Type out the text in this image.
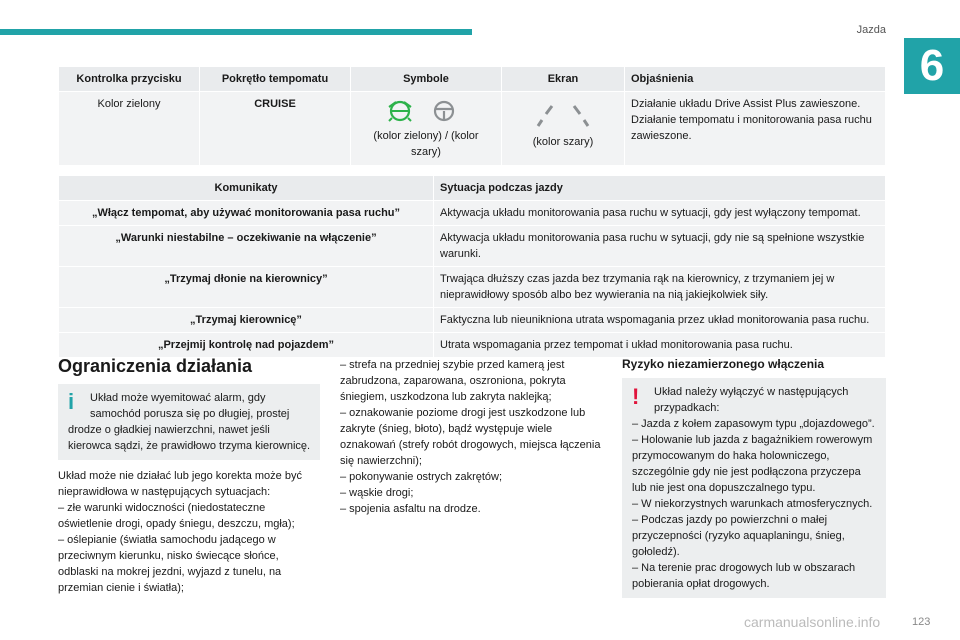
Jazda
6
Kontrolka przycisku	Pokrętło tempomatu	Symbole	Ekran	Objaśnienia
Kolor zielony	CRUISE	(kolor zielony) / (kolor szary)	(kolor szary)	Działanie układu Drive Assist Plus zawieszone. Działanie tempomatu i monitorowania pasa ruchu zawieszone.
Komunikaty	Sytuacja podczas jazdy
„Włącz tempomat, aby używać monitorowania pasa ruchu”	Aktywacja układu monitorowania pasa ruchu w sytuacji, gdy jest wyłączony tempomat.
„Warunki niestabilne – oczekiwanie na włączenie”	Aktywacja układu monitorowania pasa ruchu w sytuacji, gdy nie są spełnione wszystkie warunki.
„Trzymaj dłonie na kierownicy”	Trwająca dłuższy czas jazda bez trzymania rąk na kierownicy, z trzymaniem jej w nieprawidłowy sposób albo bez wywierania na nią jakiejkolwiek siły.
„Trzymaj kierownicę”	Faktyczna lub nieunikniona utrata wspomagania przez układ monitorowania pasa ruchu.
„Przejmij kontrolę nad pojazdem”	Utrata wspomagania przez tempomat i układ monitorowania pasa ruchu.
Ograniczenia działania
i	Układ może wyemitować alarm, gdy samochód porusza się po długiej, prostej drodze o gładkiej nawierzchni, nawet jeśli kierowca sądzi, że prawidłowo trzyma kierownicę.
Układ może nie działać lub jego korekta może być nieprawidłowa w następujących sytuacjach:
– złe warunki widoczności (niedostateczne oświetlenie drogi, opady śniegu, deszczu, mgła);
– oślepianie (światła samochodu jadącego w przeciwnym kierunku, nisko świecące słońce, odblaski na mokrej jezdni, wyjazd z tunelu, na przemian cienie i światła);
– strefa na przedniej szybie przed kamerą jest zabrudzona, zaparowana, oszroniona, pokryta śniegiem, uszkodzona lub zakryta naklejką;
– oznakowanie poziome drogi jest uszkodzone lub zakryte (śnieg, błoto), bądź występuje wiele oznakowań (strefy robót drogowych, miejsca łączenia się nawierzchni);
– pokonywanie ostrych zakrętów;
– wąskie drogi;
– spojenia asfaltu na drodze.
Ryzyko niezamierzonego włączenia
!	Układ należy wyłączyć w następujących przypadkach:
– Jazda z kołem zapasowym typu „dojazdowego”.
– Holowanie lub jazda z bagażnikiem rowerowym przymocowanym do haka holowniczego, szczególnie gdy nie jest podłączona przyczepa lub nie jest ona dopuszczalnego typu.
– W niekorzystnych warunkach atmosferycznych.
– Podczas jazdy po powierzchni o małej przyczepności (ryzyko aquaplaningu, śnieg, gołoledź).
– Na terenie prac drogowych lub w obszarach pobierania opłat drogowych.
carmanualsonline.info	123
